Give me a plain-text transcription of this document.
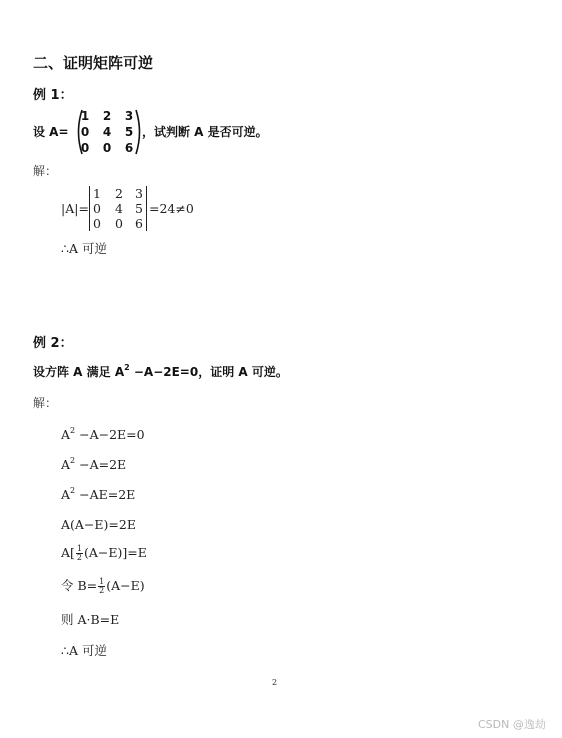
二、证明矩阵可逆
例 1：
设 A=
1 2 3
0 4 5
0 0 6
，试判断 A 是否可逆。
解：
|A|=
1 2 3
0 4 5
0 0 6
=24≠0
∴A 可逆
例 2：
设方阵 A 满足 $A^2 -A-2E=0$，证明 A 可逆。
解：
$A^2 -A-2E=0$
$A^2 -A=2E$
$A^2 -AE=2E$
A(A−E)=2E
$A[ \frac{1}{2} (A-E)]=E$
令 $B= \frac{1}{2} (A-E)$
则 A·B=E
∴A 可逆
2
CSDN @逸劫
